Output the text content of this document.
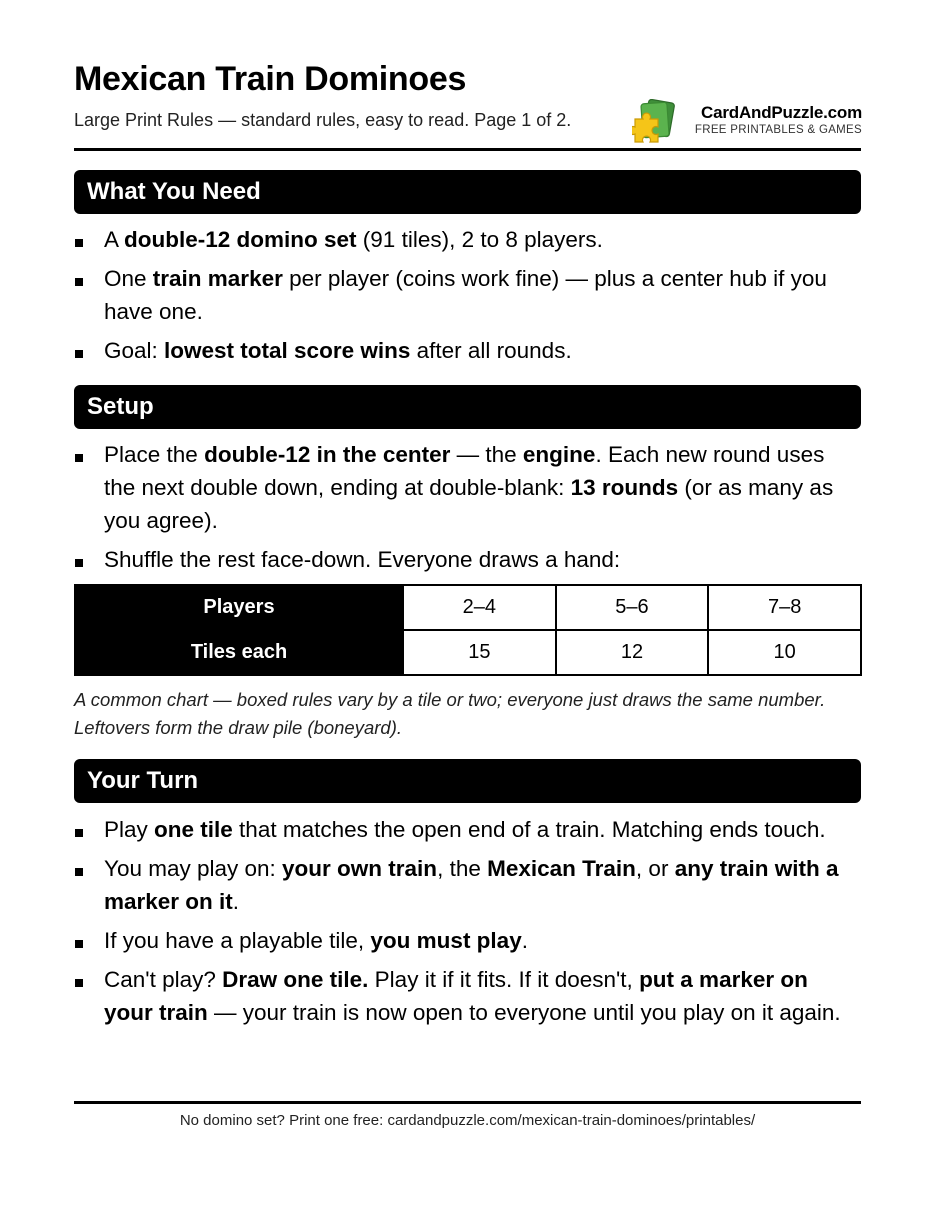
Mexican Train Dominoes
Large Print Rules — standard rules, easy to read. Page 1 of 2.	CardAndPuzzle.com
FREE PRINTABLES & GAMES
What You Need
A double-12 domino set (91 tiles), 2 to 8 players.
One train marker per player (coins work fine) — plus a center hub if you have one.
Goal: lowest total score wins after all rounds.
Setup
Place the double-12 in the center — the engine. Each new round uses the next double down, ending at double-blank: 13 rounds (or as many as you agree).
Shuffle the rest face-down. Everyone draws a hand:
Players	2–4	5–6	7–8
Tiles each	15	12	10
A common chart — boxed rules vary by a tile or two; everyone just draws the same number. Leftovers form the draw pile (boneyard).
Your Turn
Play one tile that matches the open end of a train. Matching ends touch.
You may play on: your own train, the Mexican Train, or any train with a marker on it.
If you have a playable tile, you must play.
Can't play? Draw one tile. Play it if it fits. If it doesn't, put a marker on your train — your train is now open to everyone until you play on it again.
No domino set? Print one free: cardandpuzzle.com/mexican-train-dominoes/printables/
